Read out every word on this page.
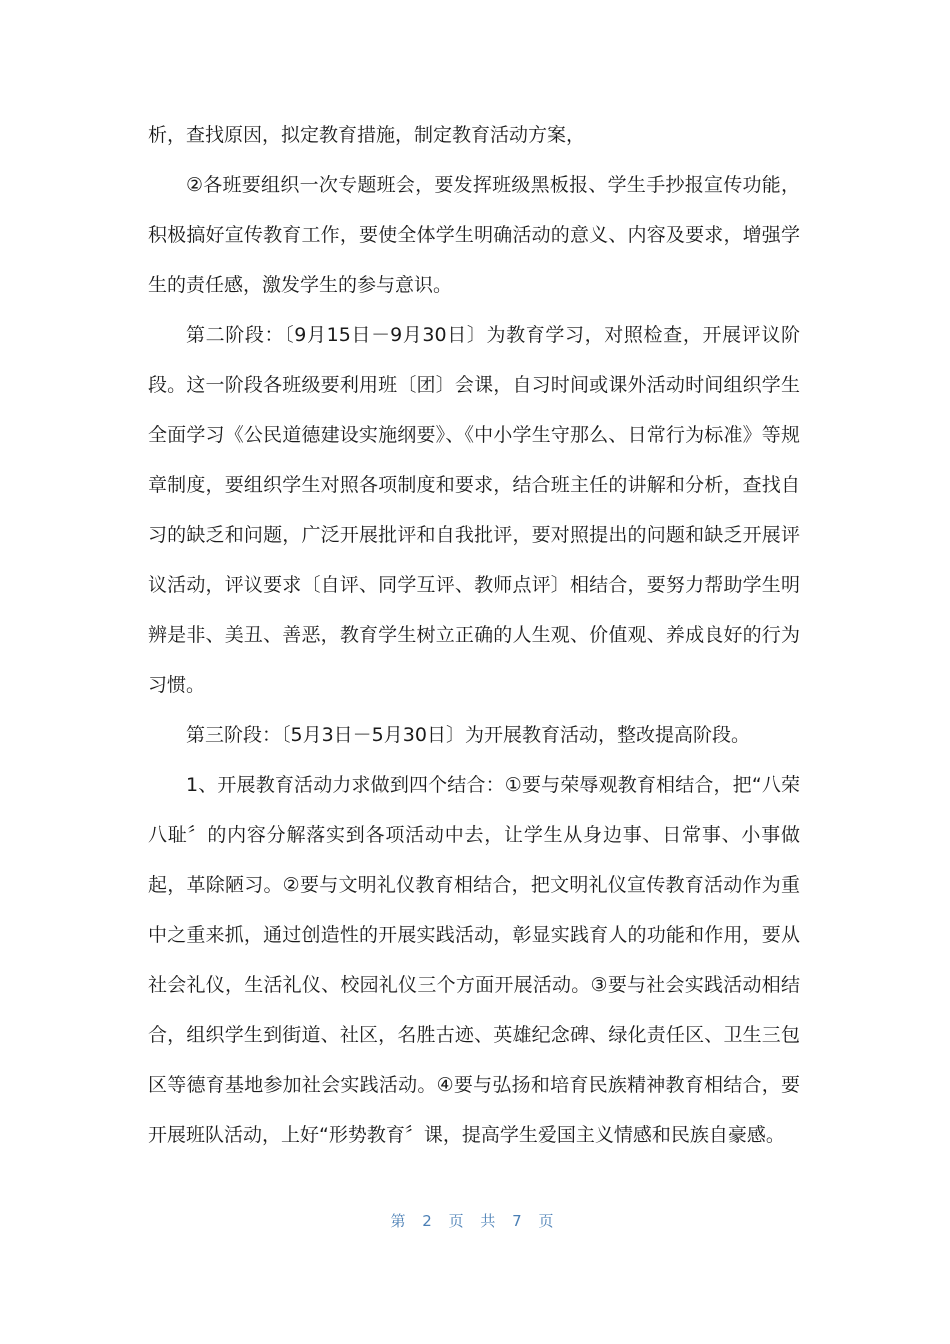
析，查找原因，拟定教育措施，制定教育活动方案，

②各班要组织一次专题班会，要发挥班级黑板报、学生手抄报宣传功能，积极搞好宣传教育工作，要使全体学生明确活动的意义、内容及要求，增强学生的责任感，激发学生的参与意识。

第二阶段：〔9月15日－9月30日〕为教育学习，对照检查，开展评议阶段。这一阶段各班级要利用班〔团〕会课，自习时间或课外活动时间组织学生全面学习《公民道德建设实施纲要》、《中小学生守那么、日常行为标准》等规章制度，要组织学生对照各项制度和要求，结合班主任的讲解和分析，查找自习的缺乏和问题，广泛开展批评和自我批评，要对照提出的问题和缺乏开展评议活动，评议要求〔自评、同学互评、教师点评〕相结合，要努力帮助学生明辨是非、美丑、善恶，教育学生树立正确的人生观、价值观、养成良好的行为习惯。

第三阶段：〔5月3日－5月30日〕为开展教育活动，整改提高阶段。

1、开展教育活动力求做到四个结合：①要与荣辱观教育相结合，把“八荣八耻〞的内容分解落实到各项活动中去，让学生从身边事、日常事、小事做起，革除陋习。②要与文明礼仪教育相结合，把文明礼仪宣传教育活动作为重中之重来抓，通过创造性的开展实践活动，彰显实践育人的功能和作用，要从社会礼仪，生活礼仪、校园礼仪三个方面开展活动。③要与社会实践活动相结合，组织学生到街道、社区，名胜古迹、英雄纪念碑、绿化责任区、卫生三包区等德育基地参加社会实践活动。④要与弘扬和培育民族精神教育相结合，要开展班队活动，上好“形势教育〞课，提高学生爱国主义情感和民族自豪感。

第 2 页 共 7 页
